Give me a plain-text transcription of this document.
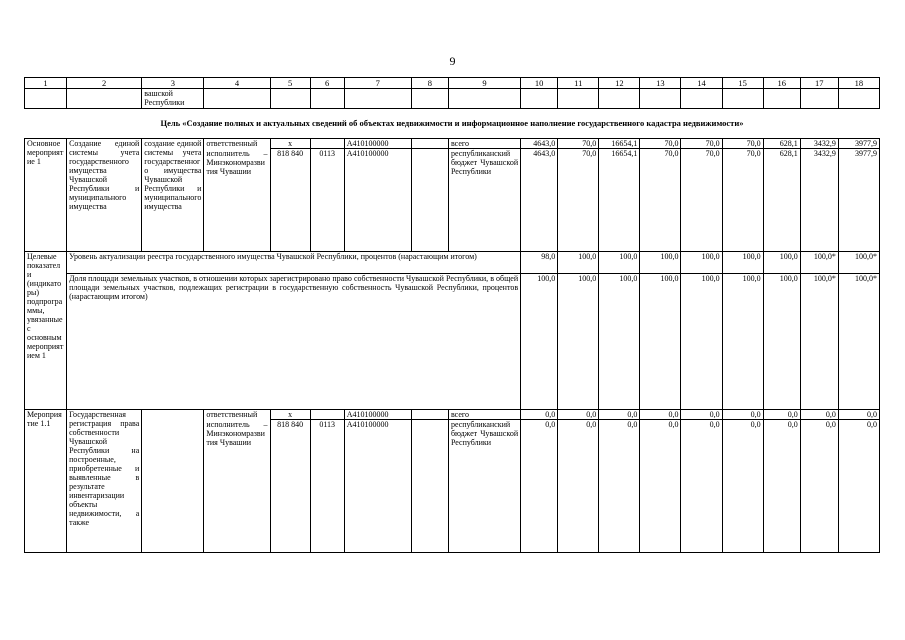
9
1	2	3	4	5	6	7	8	9	10	11	12	13	14	15	16	17	18
		вашской Республики															
Цель «Создание полных и актуальных сведений об объектах недвижимости и информационное наполнение государственного кадастра недвижимости»																	
Основное мероприятие 1	Создание единой системы учета государственного имущества Чувашской Республики и муниципального имущества	создание единой системы учета государственного имущества Чувашской Республики и муниципального имущества	ответственный	x		А410100000		всего	4643,0	70,0	16654,1	70,0	70,0	70,0	628,1	3432,9	3977,9
			исполнитель – Минэкономразвития Чувашии	818 840	0113	А410100000		республиканский бюджет Чувашской Республики	4643,0	70,0	16654,1	70,0	70,0	70,0	628,1	3432,9	3977,9
Целевые показатели (индикаторы) подпрограммы, увязанные с основным мероприятием 1	Уровень актуализации реестра государственного имущества Чувашской Республики, процентов (нарастающим итогом)								98,0	100,0	100,0	100,0	100,0	100,0	100,0	100,0*	100,0*
	Доля площади земельных участков, в отношении которых зарегистрировано право собственности Чувашской Республики, в общей площади земельных участков, подлежащих регистрации в государственную собственность Чувашской Республики, процентов (нарастающим итогом)								100,0	100,0	100,0	100,0	100,0	100,0	100,0	100,0*	100,0*
Мероприятие 1.1	Государственная регистрация права собственности Чувашской Республики на построенные, приобретенные и выявленные в результате инвентаризации объекты недвижимости, а также		ответственный	x		А410100000		всего	0,0	0,0	0,0	0,0	0,0	0,0	0,0	0,0	0,0
			исполнитель – Минэкономразвития Чувашии	818 840	0113	А410100000		республиканский бюджет Чувашской Республики	0,0	0,0	0,0	0,0	0,0	0,0	0,0	0,0	0,0
